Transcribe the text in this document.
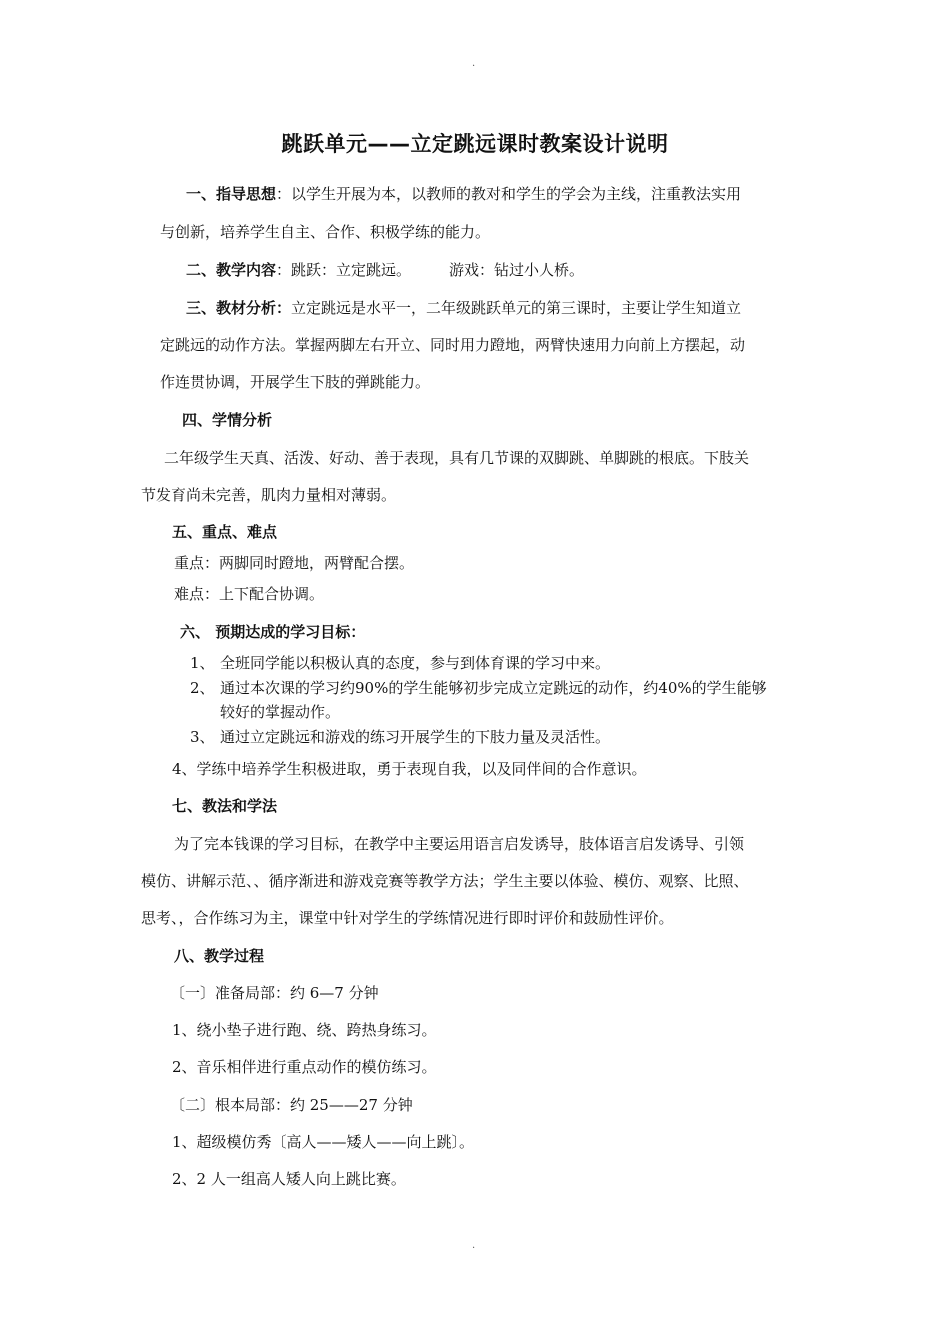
.
跳跃单元——立定跳远课时教案设计说明
一、指导思想：以学生开展为本，以教师的教对和学生的学会为主线，注重教法实用
与创新，培养学生自主、合作、积极学练的能力。
二、教学内容：跳跃：立定跳远。	游戏：钻过小人桥。
三、教材分析：立定跳远是水平一，二年级跳跃单元的第三课时，主要让学生知道立
定跳远的动作方法。掌握两脚左右开立、同时用力蹬地，两臂快速用力向前上方摆起，动
作连贯协调，开展学生下肢的弹跳能力。
四、学情分析
二年级学生天真、活泼、好动、善于表现，具有几节课的双脚跳、单脚跳的根底。下肢关
节发育尚未完善，肌肉力量相对薄弱。
五、重点、难点
重点：两脚同时蹬地，两臂配合摆。
难点：上下配合协调。
六、 预期达成的学习目标：
1、 全班同学能以积极认真的态度，参与到体育课的学习中来。
2、 通过本次课的学习约90%的学生能够初步完成立定跳远的动作，约40%的学生能够
较好的掌握动作。
3、 通过立定跳远和游戏的练习开展学生的下肢力量及灵活性。
4、学练中培养学生积极进取，勇于表现自我，以及同伴间的合作意识。
七、教法和学法
为了完本钱课的学习目标，在教学中主要运用语言启发诱导，肢体语言启发诱导、引领
模仿、讲解示范、、循序渐进和游戏竞赛等教学方法；学生主要以体验、模仿、观察、比照、
思考、，合作练习为主，课堂中针对学生的学练情况进行即时评价和鼓励性评价。
八、教学过程
〔一〕准备局部：约 6—7 分钟
1、绕小垫子进行跑、绕、跨热身练习。
2、音乐相伴进行重点动作的模仿练习。
〔二〕根本局部：约 25——27 分钟
1、超级模仿秀〔高人——矮人——向上跳〕。
2、2 人一组高人矮人向上跳比赛。
.
